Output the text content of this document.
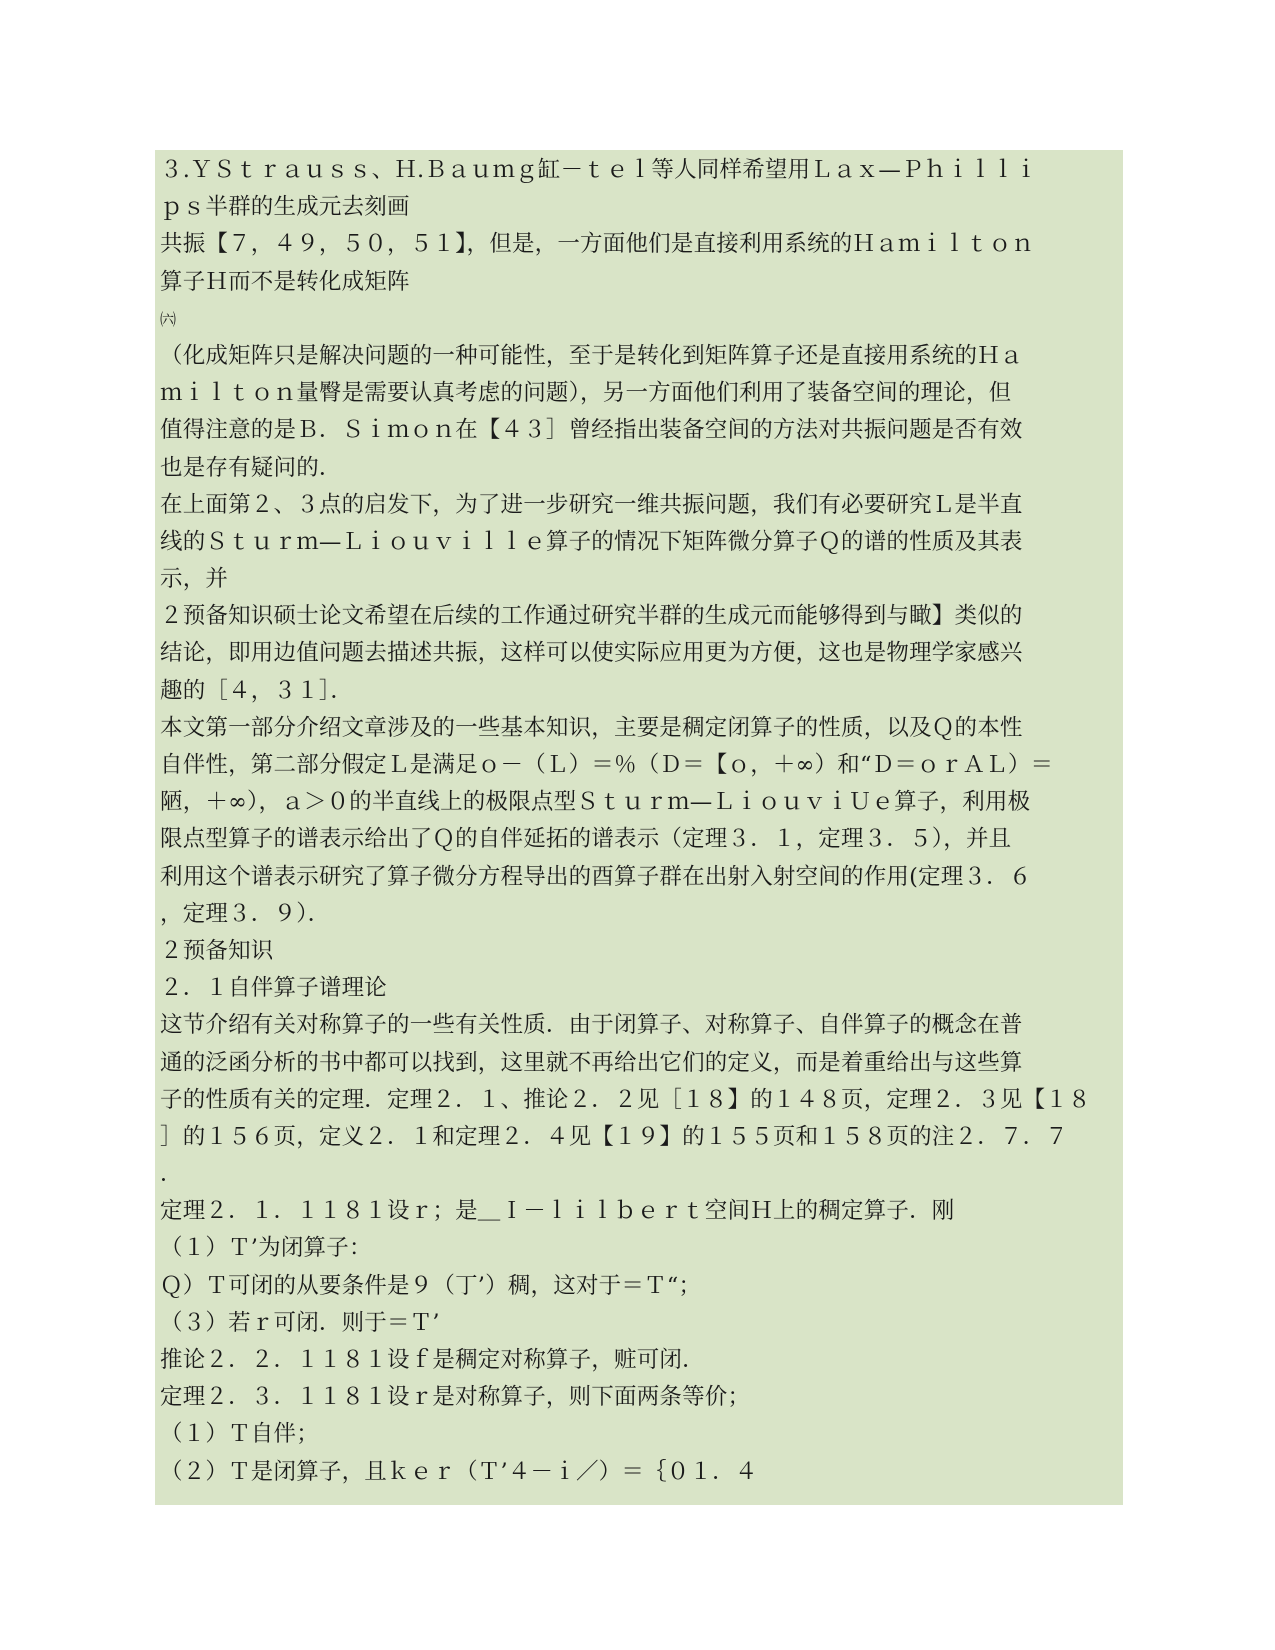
３.ＹＳｔｒａｕｓｓ、Ｈ.Ｂａｕｍｇ缸－ｔｅｌ等人同样希望用Ｌａｘ—Ｐｈｉｌｌｉ
ｐｓ半群的生成元去刻画
共振【７，４９，５０，５１】，但是，一方面他们是直接利用系统的Ｈａｍｉｌｔｏｎ
算子Ｈ而不是转化成矩阵
㈥
（化成矩阵只是解决问题的一种可能性，至于是转化到矩阵算子还是直接用系统的Ｈａ
ｍｉｌｔｏｎ量臀是需要认真考虑的问题），另一方面他们利用了装备空间的理论，但
值得注意的是Ｂ．Ｓｉｍｏｎ在【４３］曾经指出装备空间的方法对共振问题是否有效
也是存有疑问的．
在上面第２、３点的启发下，为了进一步研究一维共振问题，我们有必要研究Ｌ是半直
线的Ｓｔｕｒｍ—Ｌｉｏｕｖｉｌｌｅ算子的情况下矩阵微分算子Ｑ的谱的性质及其表
示，并
２预备知识硕士论文希望在后续的工作通过研究半群的生成元而能够得到与瞰】类似的
结论，即用边值问题去描述共振，这样可以使实际应用更为方便，这也是物理学家感兴
趣的［４，３１］．
本文第一部分介绍文章涉及的一些基本知识，主要是稠定闭算子的性质，以及Ｑ的本性
自伴性，第二部分假定Ｌ是满足ｏ－（Ｌ）＝％（Ｄ＝【ｏ，＋∞）和“Ｄ＝ｏｒＡＬ）＝
陋，＋∞），ａ＞０的半直线上的极限点型Ｓｔｕｒｍ—ＬｉｏｕｖｉＵｅ算子，利用极
限点型算子的谱表示给出了Ｑ的自伴延拓的谱表示（定理３．１，定理３．５），并且
利用这个谱表示研究了算子微分方程导出的酉算子群在出射入射空间的作用(定理３．６
，定理３．９）．
２预备知识
２．１自伴算子谱理论
这节介绍有关对称算子的一些有关性质．由于闭算子、对称算子、自伴算子的概念在普
通的泛函分析的书中都可以找到，这里就不再给出它们的定义，而是着重给出与这些算
子的性质有关的定理．定理２．１、推论２．２见［１８】的１４８页，定理２．３见【１８
］的１５６页，定义２．１和定理２．４见【１９】的１５５页和１５８页的注２．７．７
．
定理２．１．１１８１设ｒ；是＿Ｉ－ｌｉｌｂｅｒｔ空间Ｈ上的稠定算子．刚
（１）Ｔ’为闭算子：
Ｑ）Ｔ可闭的从要条件是９（丁’）稠，这对于＝Ｔ“；
（３）若ｒ可闭．则于＝Ｔ’
推论２．２．１１８１设ｆ是稠定对称算子，赃可闭．
定理２．３．１１８１设ｒ是对称算子，则下面两条等价；
（１）Ｔ自伴；
（２）Ｔ是闭算子，且ｋｅｒ（Ｔ’４－ｉ／）＝｛０１．４
